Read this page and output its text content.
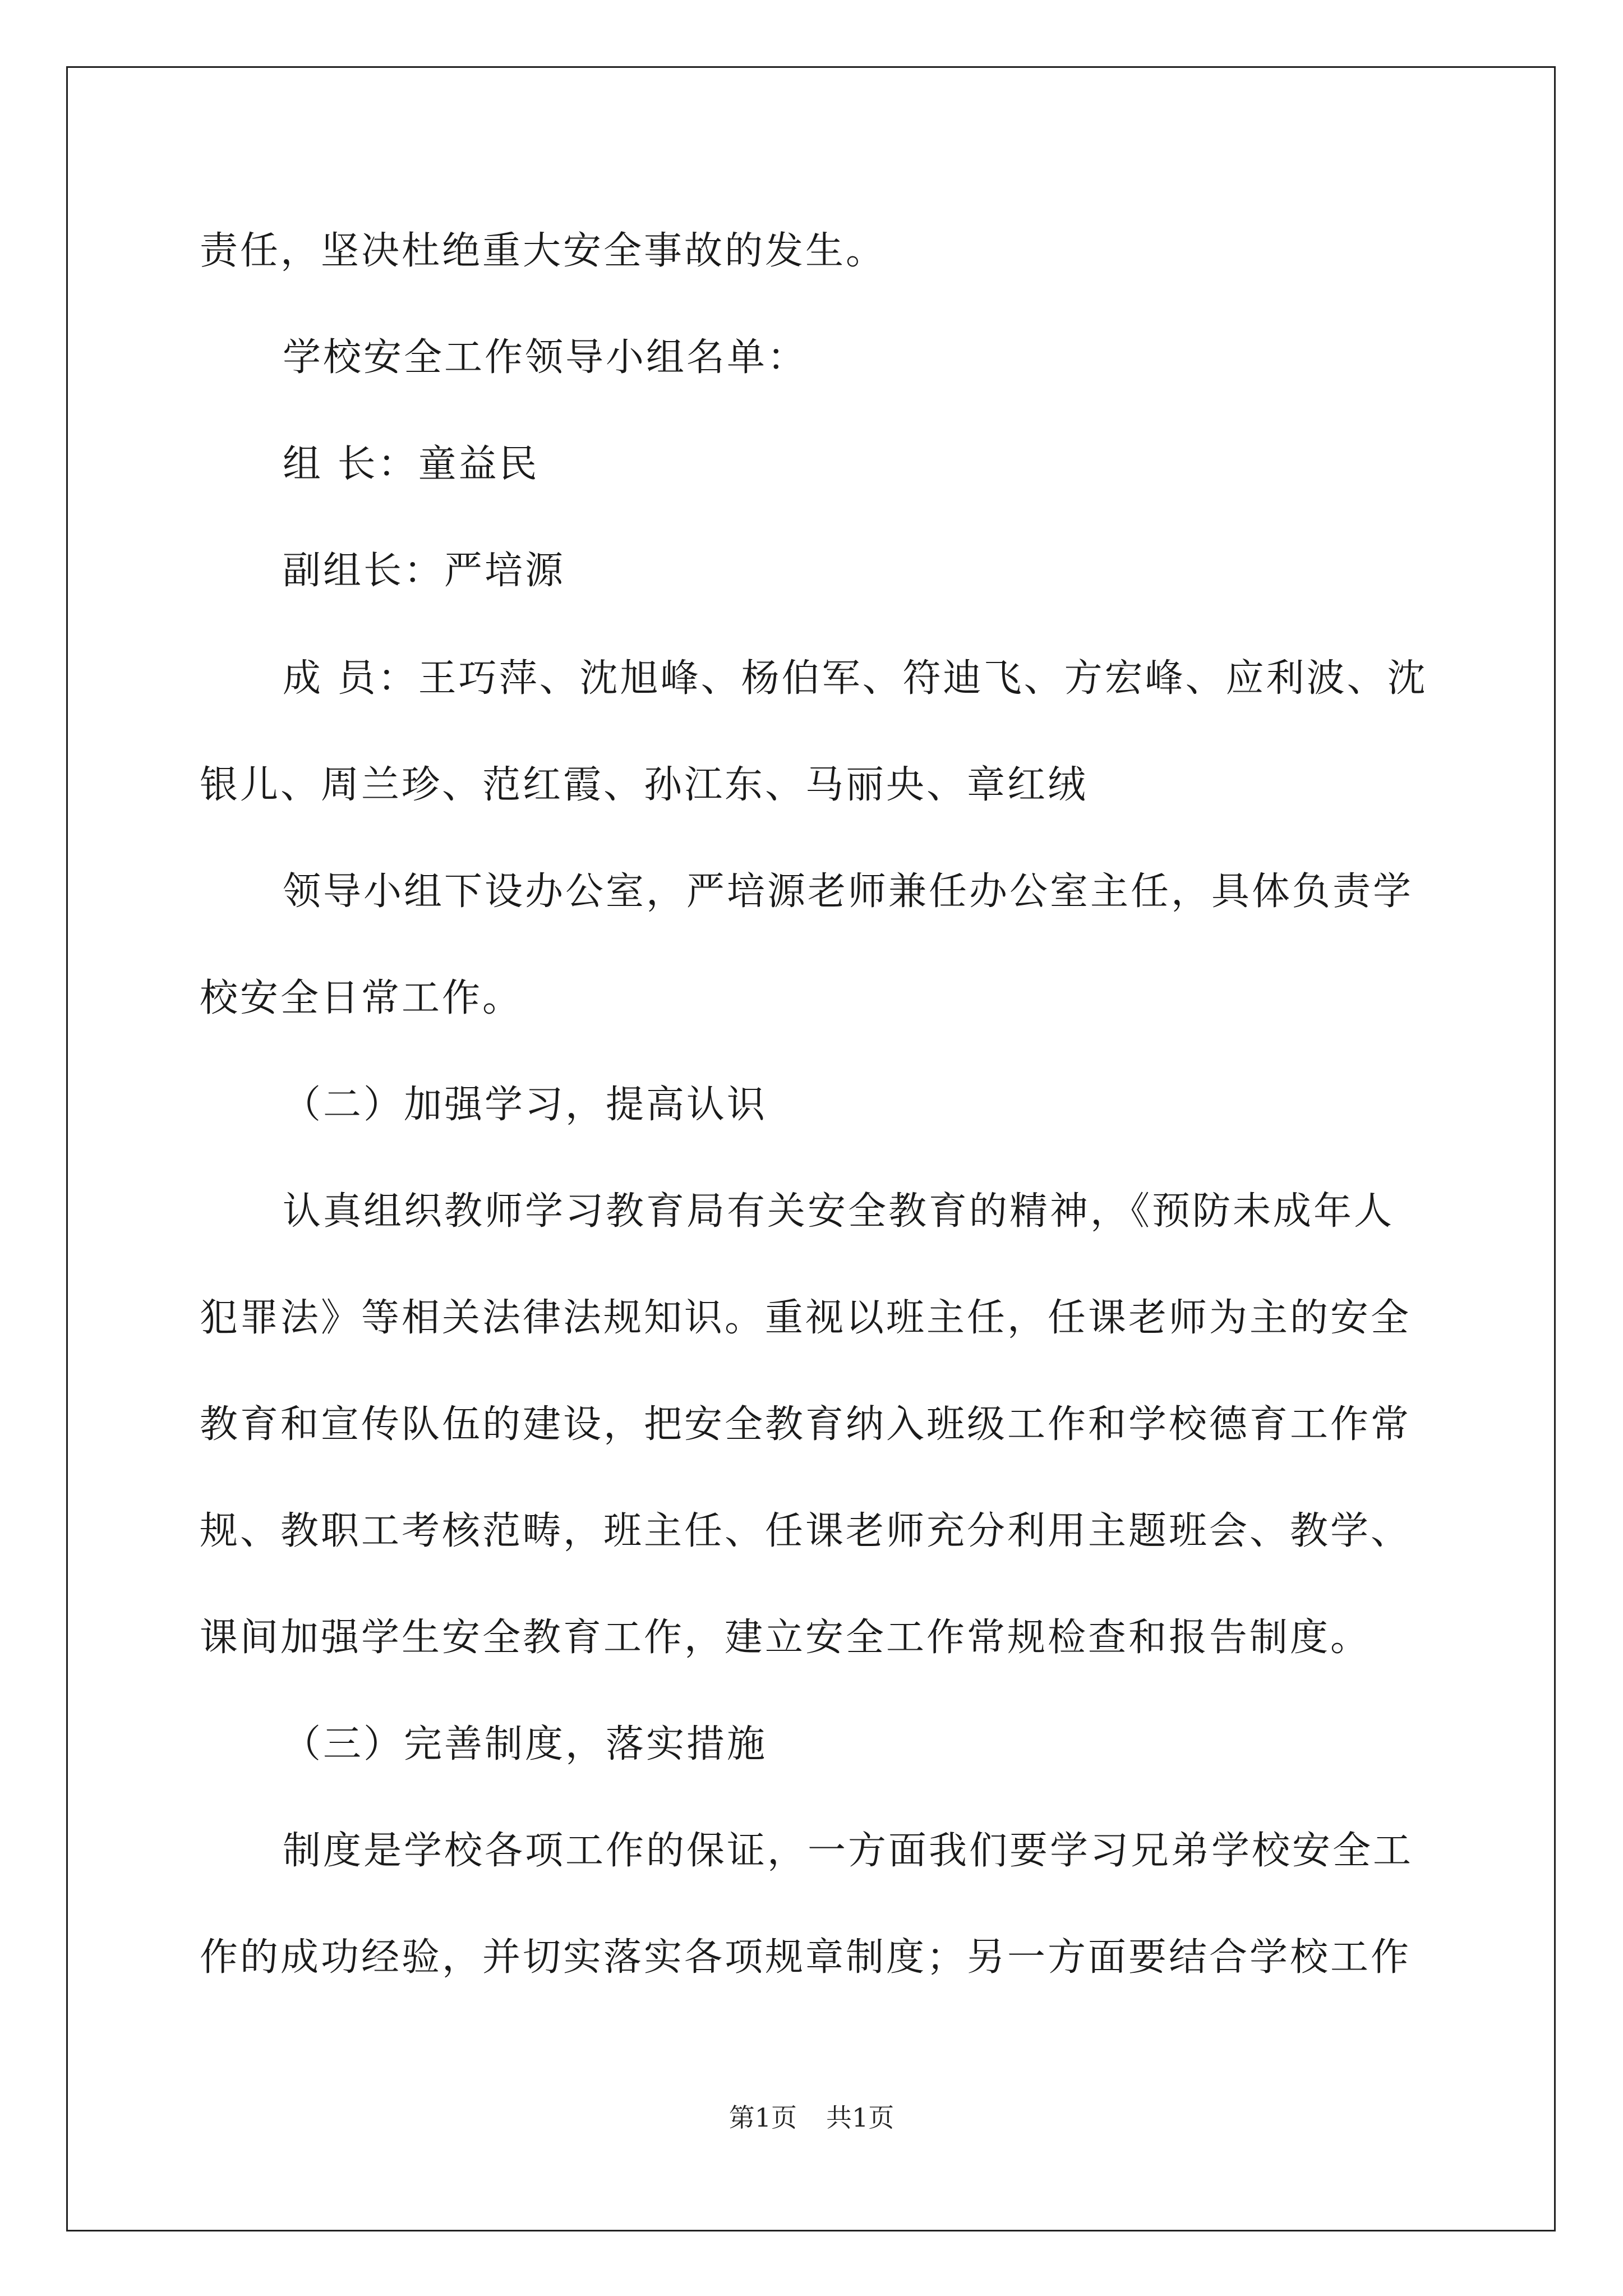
责任，坚决杜绝重大安全事故的发生。
学校安全工作领导小组名单：
组 长：童益民
副组长：严培源
成 员：王巧萍、沈旭峰、杨伯军、符迪飞、方宏峰、应利波、沈
银儿、周兰珍、范红霞、孙江东、马丽央、章红绒
领导小组下设办公室，严培源老师兼任办公室主任，具体负责学
校安全日常工作。
（二）加强学习，提高认识
认真组织教师学习教育局有关安全教育的精神，《预防未成年人
犯罪法》等相关法律法规知识。重视以班主任，任课老师为主的安全
教育和宣传队伍的建设，把安全教育纳入班级工作和学校德育工作常
规、教职工考核范畴，班主任、任课老师充分利用主题班会、教学、
课间加强学生安全教育工作，建立安全工作常规检查和报告制度。
（三）完善制度，落实措施
制度是学校各项工作的保证，一方面我们要学习兄弟学校安全工
作的成功经验，并切实落实各项规章制度；另一方面要结合学校工作
第1页 共1页
